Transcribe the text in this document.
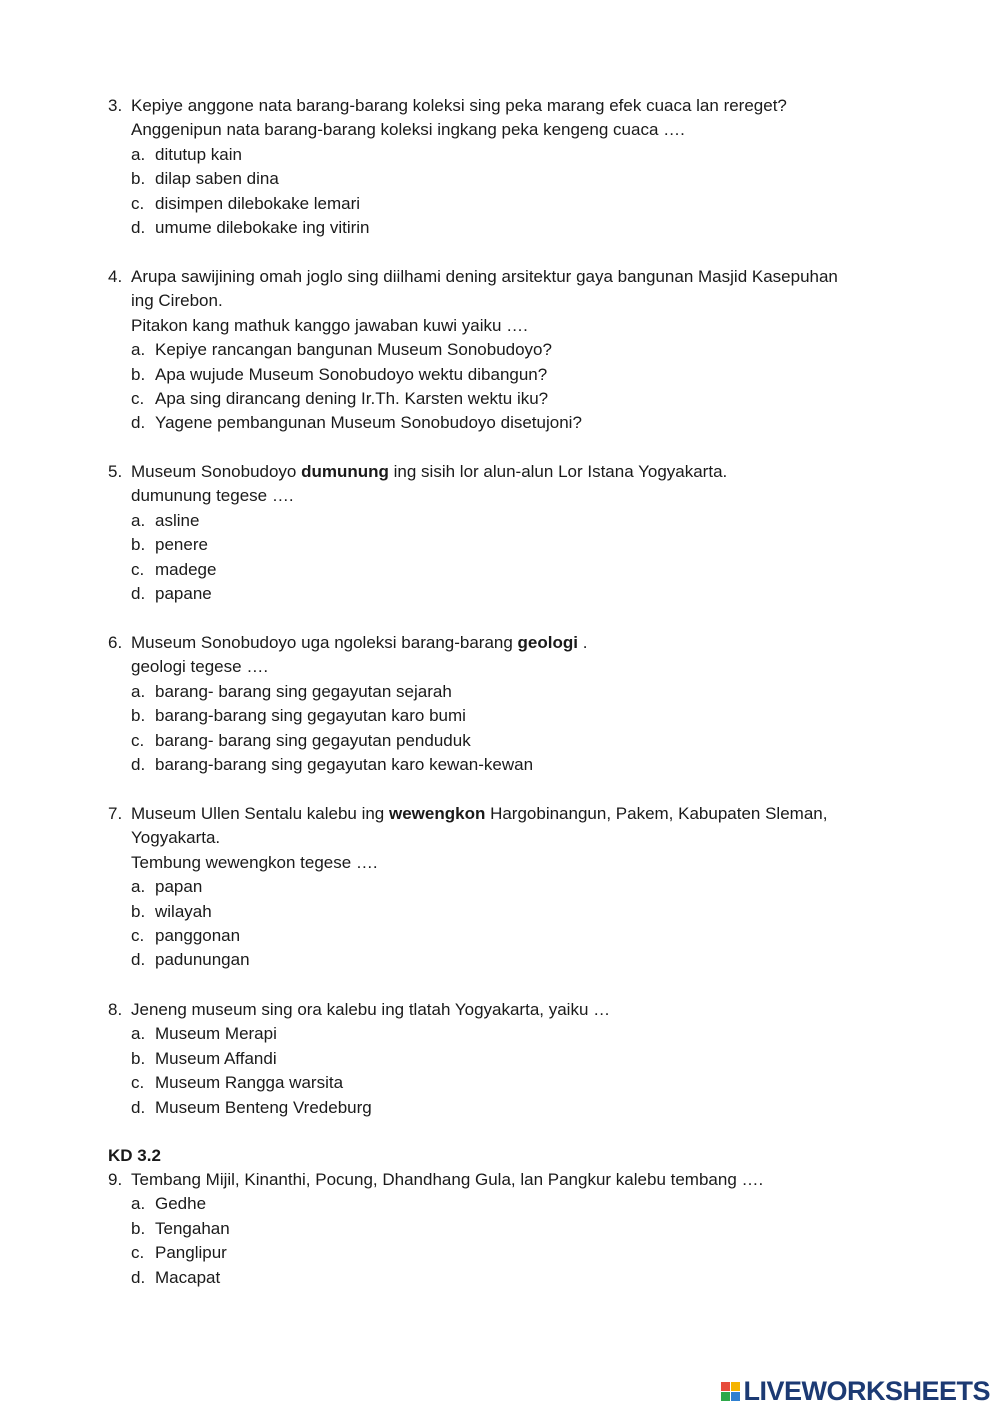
3. Kepiye anggone nata barang-barang koleksi sing peka marang efek cuaca lan rereget?
Anggenipun nata barang-barang koleksi ingkang peka kengeng cuaca ….
a. ditutup kain
b. dilap saben dina
c. disimpen dilebokake lemari
d. umume dilebokake ing vitirin
4. Arupa sawijining omah joglo sing diilhami dening arsitektur gaya bangunan Masjid Kasepuhan
ing Cirebon.
Pitakon kang mathuk kanggo jawaban kuwi yaiku ….
a. Kepiye rancangan bangunan Museum Sonobudoyo?
b. Apa wujude Museum Sonobudoyo wektu dibangun?
c. Apa sing dirancang dening Ir.Th. Karsten wektu iku?
d. Yagene pembangunan Museum Sonobudoyo disetujoni?
5. Museum Sonobudoyo dumunung ing sisih lor alun-alun Lor Istana Yogyakarta.
dumunung tegese ….
a. asline
b. penere
c. madege
d. papane
6. Museum Sonobudoyo uga ngoleksi barang-barang geologi .
geologi tegese ….
a. barang- barang sing gegayutan sejarah
b. barang-barang sing gegayutan karo bumi
c. barang- barang sing gegayutan penduduk
d. barang-barang sing gegayutan karo kewan-kewan
7. Museum Ullen Sentalu kalebu ing wewengkon Hargobinangun, Pakem, Kabupaten Sleman,
Yogyakarta.
Tembung wewengkon tegese ….
a. papan
b. wilayah
c. panggonan
d. padunungan
8. Jeneng museum sing ora kalebu ing tlatah Yogyakarta, yaiku …
a. Museum Merapi
b. Museum Affandi
c. Museum Rangga warsita
d. Museum Benteng Vredeburg
KD 3.2
9. Tembang Mijil, Kinanthi, Pocung, Dhandhang Gula, lan Pangkur kalebu tembang ….
a. Gedhe
b. Tengahan
c. Panglipur
d. Macapat
LIVEWORKSHEETS
